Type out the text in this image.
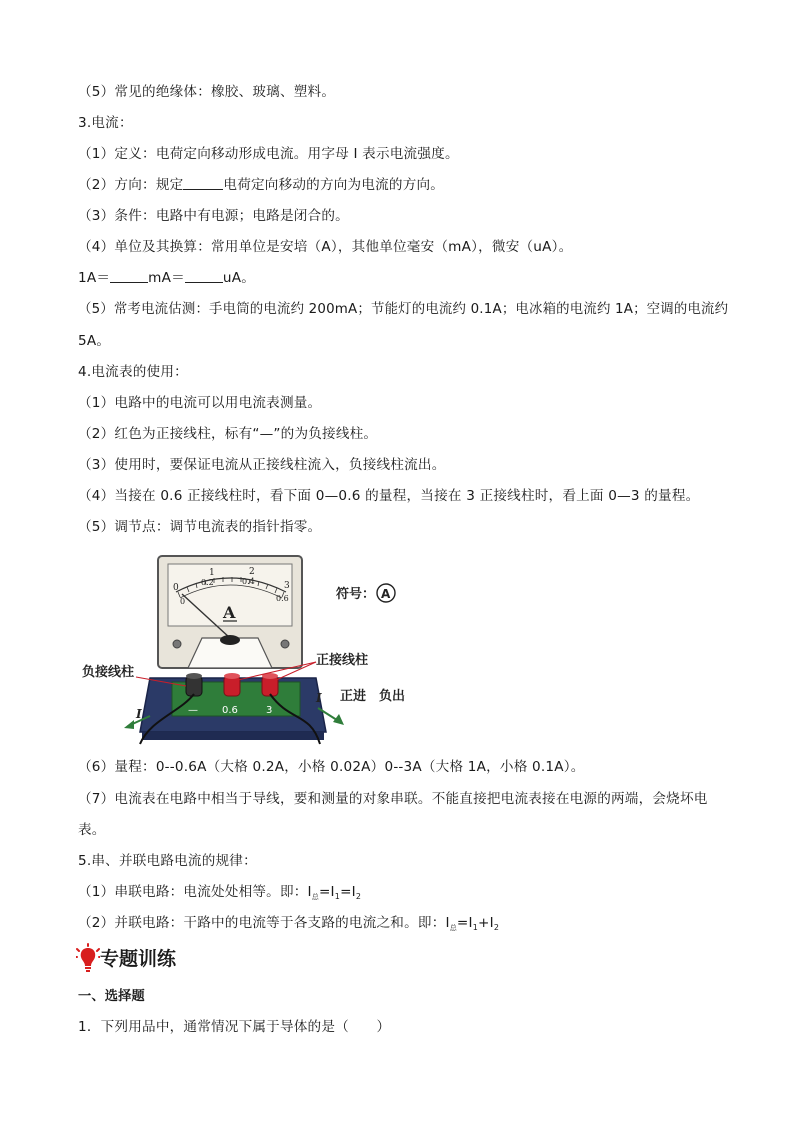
（5）常见的绝缘体：橡胶、玻璃、塑料。
3.电流：
（1）定义：电荷定向移动形成电流。用字母 I 表示电流强度。
（2）方向：规定	电荷定向移动的方向为电流的方向。
（3）条件：电路中有电源；电路是闭合的。
（4）单位及其换算：常用单位是安培（A），其他单位毫安（mA），微安（uA）。
1A＝	mA＝	uA。
（5）常考电流估测：手电筒的电流约 200mA；节能灯的电流约 0.1A；电冰箱的电流约 1A；空调的电流约
5A。
4.电流表的使用：
（1）电路中的电流可以用电流表测量。
（2）红色为正接线柱，标有“—”的为负接线柱。
（3）使用时，要保证电流从正接线柱流入，负接线柱流出。
（4）当接在 0.6 正接线柱时，看下面 0—0.6 的量程，当接在 3 正接线柱时，看上面 0—3 的量程。
（5）调节点：调节电流表的指针指零。
0
1	2
3
0
0.2	0.4
0.6
A
— 0.6	3
负接线柱
正接线柱
正进　负出
符号： A
I
I
（6）量程：0--0.6A（大格 0.2A，小格 0.02A）0--3A（大格 1A，小格 0.1A）。
（7）电流表在电路中相当于导线，要和测量的对象串联。不能直接把电流表接在电源的两端，会烧坏电
表。
5.串、并联电路电流的规律：
（1）串联电路：电流处处相等。即：$I_总=I_1=I_2$
（2）并联电路：干路中的电流等于各支路的电流之和。即：$I_总=I_1+I_2$
专题训练
一、选择题
1．下列用品中，通常情况下属于导体的是（　　）
